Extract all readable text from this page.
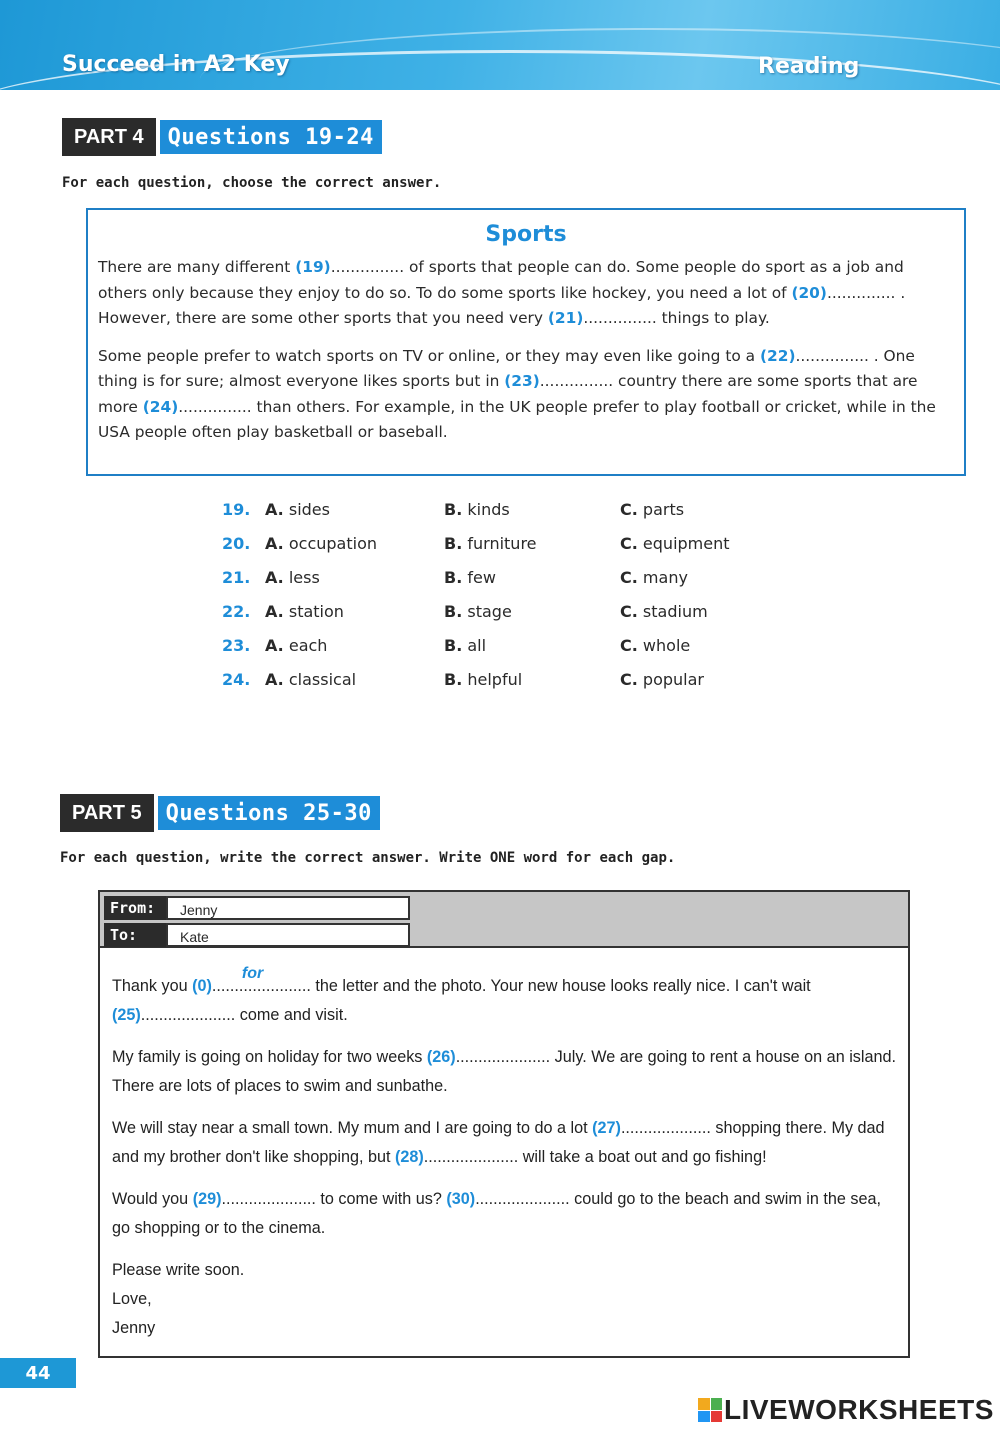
Succeed in A2 Key	Reading
PART 4	Questions 19-24
For each question, choose the correct answer.
Sports

There are many different (19)............... of sports that people can do. Some people do sport as a job and others only because they enjoy to do so. To do some sports like hockey, you need a lot of (20).............. . However, there are some other sports that you need very (21)............... things to play.

Some people prefer to watch sports on TV or online, or they may even like going to a (22)............... . One thing is for sure; almost everyone likes sports but in (23)............... country there are some sports that are more (24)............... than others. For example, in the UK people prefer to play football or cricket, while in the USA people often play basketball or baseball.

19. A. sides	B. kinds	C. parts
20. A. occupation	B. furniture	C. equipment
21. A. less	B. few	C. many
22. A. station	B. stage	C. stadium
23. A. each	B. all	C. whole
24. A. classical	B. helpful	C. popular
PART 5	Questions 25-30
For each question, write the correct answer. Write ONE word for each gap.
From:	Jenny
To:	Kate

Thank you (0)......................
for
the letter and the photo. Your new house looks really nice. I can't wait (25)..................... come and visit.

My family is going on holiday for two weeks (26)..................... July. We are going to rent a house on an island. There are lots of places to swim and sunbathe.

We will stay near a small town. My mum and I are going to do a lot (27).................... shopping there. My dad and my brother don't like shopping, but (28)..................... will take a boat out and go fishing!

Would you (29)..................... to come with us? (30)..................... could go to the beach and swim in the sea, go shopping or to the cinema.

Please write soon.

Love,

Jenny

44
LIVEWORKSHEETS
